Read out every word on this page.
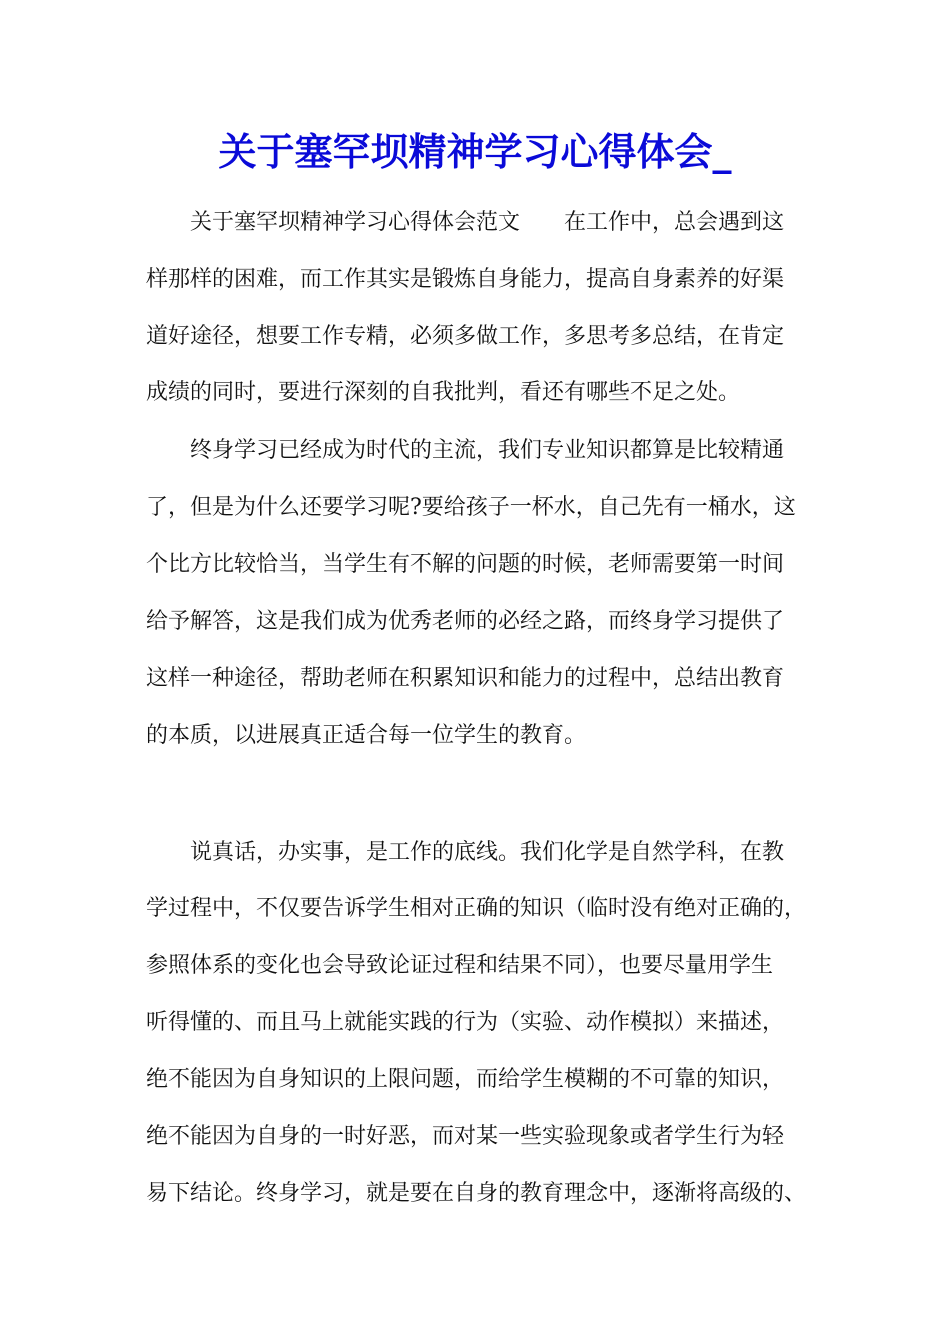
关于塞罕坝精神学习心得体会_

关于塞罕坝精神学习心得体会范文　　在工作中，总会遇到这

样那样的困难，而工作其实是锻炼自身能力，提高自身素养的好渠

道好途径，想要工作专精，必须多做工作，多思考多总结，在肯定

成绩的同时，要进行深刻的自我批判，看还有哪些不足之处。

终身学习已经成为时代的主流，我们专业知识都算是比较精通

了，但是为什么还要学习呢?要给孩子一杯水，自己先有一桶水，这

个比方比较恰当，当学生有不解的问题的时候，老师需要第一时间

给予解答，这是我们成为优秀老师的必经之路，而终身学习提供了

这样一种途径，帮助老师在积累知识和能力的过程中，总结出教育

的本质，以进展真正适合每一位学生的教育。

说真话，办实事，是工作的底线。我们化学是自然学科，在教

学过程中，不仅要告诉学生相对正确的知识（临时没有绝对正确的，

参照体系的变化也会导致论证过程和结果不同），也要尽量用学生

听得懂的、而且马上就能实践的行为（实验、动作模拟）来描述，

绝不能因为自身知识的上限问题，而给学生模糊的不可靠的知识，

绝不能因为自身的一时好恶，而对某一些实验现象或者学生行为轻

易下结论。终身学习，就是要在自身的教育理念中，逐渐将高级的、
